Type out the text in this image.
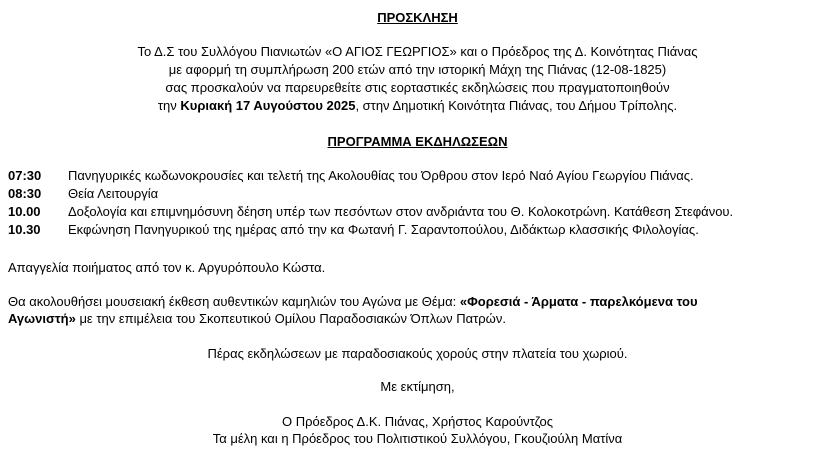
ΠΡΟΣΚΛΗΣΗ
Το Δ.Σ του Συλλόγου Πιανιωτών «Ο ΑΓΙΟΣ ΓΕΩΡΓΙΟΣ» και ο Πρόεδρος της Δ. Κοινότητας Πιάνας
με αφορμή τη συμπλήρωση 200 ετών από την ιστορική Μάχη της Πιάνας (12-08-1825)
σας προσκαλούν να παρευρεθείτε στις εορταστικές εκδηλώσεις που πραγματοποιηθούν
την Κυριακή 17 Αυγούστου 2025, στην Δημοτική Κοινότητα Πιάνας, του Δήμου Τρίπολης.
ΠΡΟΓΡΑΜΜΑ ΕΚΔΗΛΩΣΕΩΝ
07:30 Πανηγυρικές κωδωνοκρουσίες και τελετή της Ακολουθίας του Όρθρου στον Ιερό Ναό Αγίου Γεωργίου Πιάνας.
08:30 Θεία Λειτουργία
10.00 Δοξολογία και επιμνημόσυνη δέηση υπέρ των πεσόντων στον ανδριάντα του Θ. Κολοκοτρώνη. Κατάθεση Στεφάνου.
10.30 Εκφώνηση Πανηγυρικού της ημέρας από την κα Φωτανή Γ. Σαραντοπούλου, Διδάκτωρ κλασσικής Φιλολογίας.
Απαγγελία ποιήματος από τον κ. Αργυρόπουλο Κώστα.
Θα ακολουθήσει μουσειακή έκθεση αυθεντικών καμηλιών του Αγώνα με Θέμα: «Φορεσιά - Άρματα - παρελκόμενα του
Αγωνιστή» με την επιμέλεια του Σκοπευτικού Ομίλου Παραδοσιακών Όπλων Πατρών.
Πέρας εκδηλώσεων με παραδοσιακούς χορούς στην πλατεία του χωριού.
Με εκτίμηση,
Ο Πρόεδρος Δ.Κ. Πιάνας, Χρήστος Καρούντζος
Τα μέλη και η Πρόεδρος του Πολιτιστικού Συλλόγου, Γκουζιούλη Ματίνα
